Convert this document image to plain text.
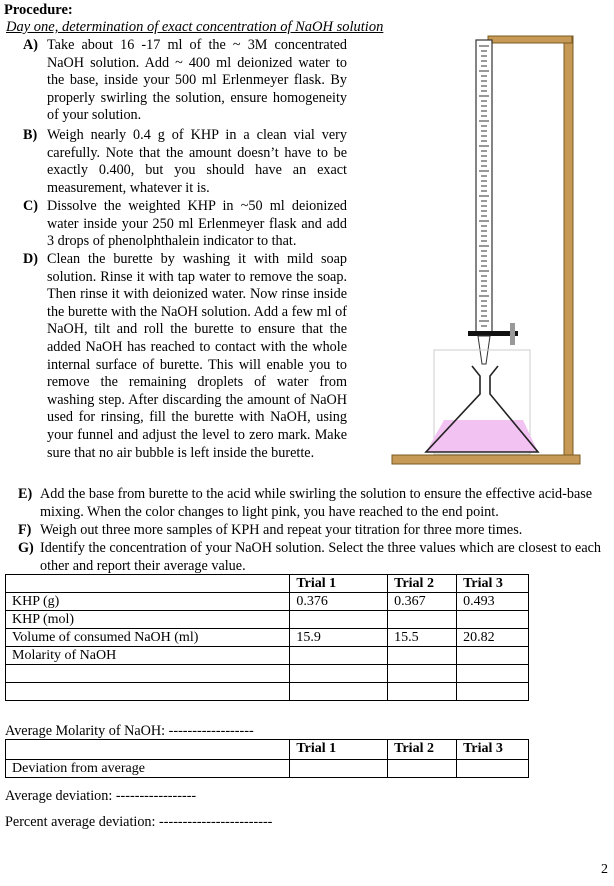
Procedure:
Day one, determination of exact concentration of NaOH solution
A) Take about 16 -17 ml of the ~ 3M concentrated NaOH solution. Add ~ 400 ml deionized water to the base, inside your 500 ml Erlenmeyer flask. By properly swirling the solution, ensure homogeneity of your solution.
B) Weigh nearly 0.4 g of KHP in a clean vial very carefully. Note that the amount doesn’t have to be exactly 0.400, but you should have an exact measurement, whatever it is.
C) Dissolve the weighted KHP in ~50 ml deionized water inside your 250 ml Erlenmeyer flask and add 3 drops of phenolphthalein indicator to that.
D) Clean the burette by washing it with mild soap solution. Rinse it with tap water to remove the soap. Then rinse it with deionized water. Now rinse inside the burette with the NaOH solution. Add a few ml of NaOH, tilt and roll the burette to ensure that the added NaOH has reached to contact with the whole internal surface of burette. This will enable you to remove the remaining droplets of water from washing step. After discarding the amount of NaOH used for rinsing, fill the burette with NaOH, using your funnel and adjust the level to zero mark. Make sure that no air bubble is left inside the burette.
E) Add the base from burette to the acid while swirling the solution to ensure the effective acid-base mixing. When the color changes to light pink, you have reached to the end point.
F) Weigh out three more samples of KPH and repeat your titration for three more times.
G) Identify the concentration of your NaOH solution. Select the three values which are closest to each other and report their average value.
	Trial 1	Trial 2	Trial 3
KHP (g)	0.376	0.367	0.493
KHP (mol)			
Volume of consumed NaOH (ml)	15.9	15.5	20.82
Molarity of NaOH			

Average Molarity of NaOH: ------------------
	Trial 1	Trial 2	Trial 3
Deviation from average			
Average deviation: -----------------
Percent average deviation: ------------------------
2
